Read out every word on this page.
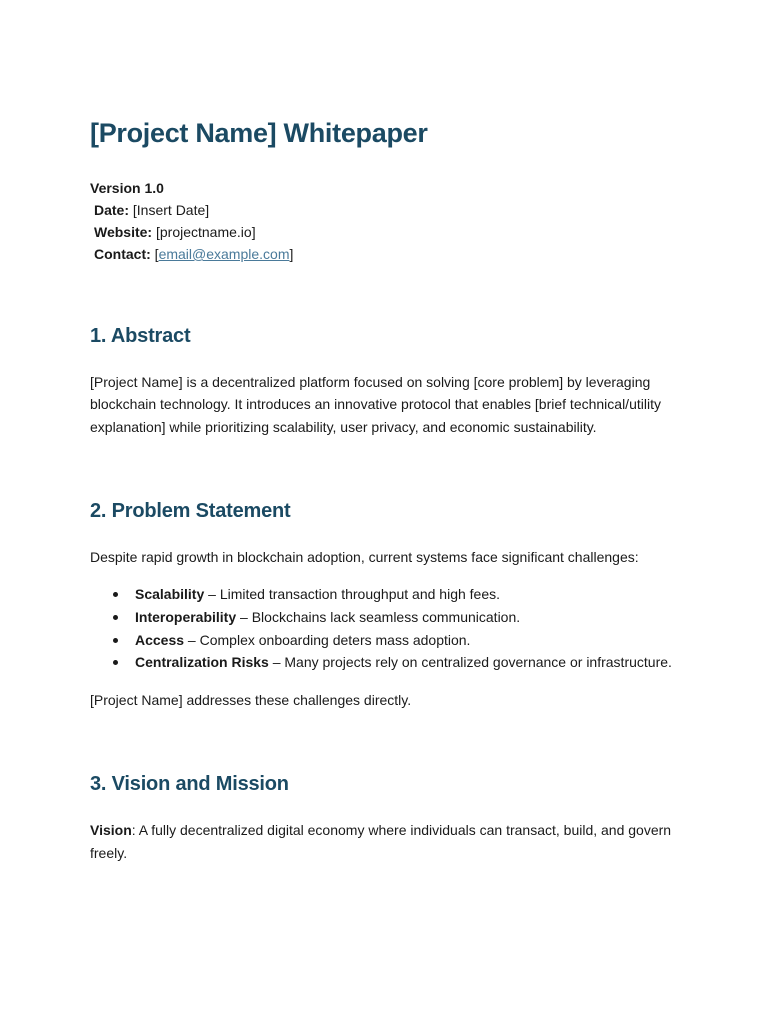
[Project Name] Whitepaper
Version 1.0
Date: [Insert Date]
Website: [projectname.io]
Contact: [email@example.com]
1. Abstract

[Project Name] is a decentralized platform focused on solving [core problem] by leveraging blockchain technology. It introduces an innovative protocol that enables [brief technical/utility explanation] while prioritizing scalability, user privacy, and economic sustainability.

2. Problem Statement

Despite rapid growth in blockchain adoption, current systems face significant challenges:

Scalability – Limited transaction throughput and high fees.
Interoperability – Blockchains lack seamless communication.
Access – Complex onboarding deters mass adoption.
Centralization Risks – Many projects rely on centralized governance or infrastructure.

[Project Name] addresses these challenges directly.

3. Vision and Mission

Vision: A fully decentralized digital economy where individuals can transact, build, and govern freely.
